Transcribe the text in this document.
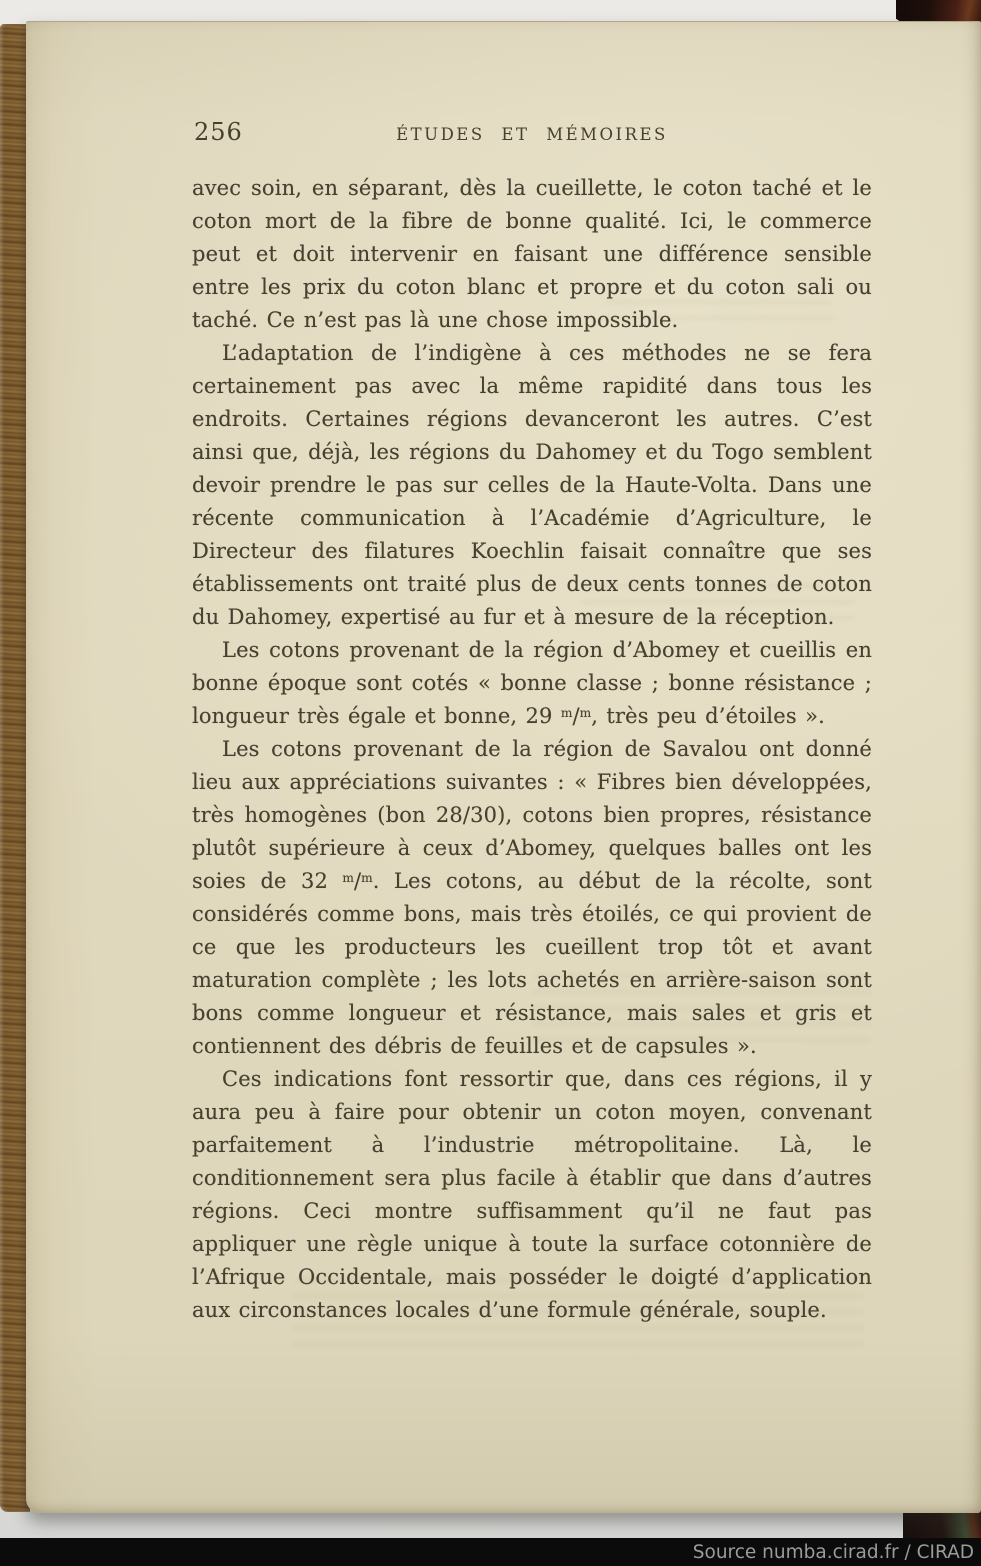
256	ÉTUDES ET MÉMOIRES

avec soin, en séparant, dès la cueillette, le coton taché et le coton mort de la fibre de bonne qualité. Ici, le commerce peut et doit intervenir en faisant une différence sensible entre les prix du coton blanc et propre et du coton sali ou taché. Ce n’est pas là une chose impossible.

L’adaptation de l’indigène à ces méthodes ne se fera certainement pas avec la même rapidité dans tous les endroits. Certaines régions devanceront les autres. C’est ainsi que, déjà, les régions du Dahomey et du Togo semblent devoir prendre le pas sur celles de la Haute-Volta. Dans une récente communication à l’Académie d’Agriculture, le Directeur des filatures Koechlin faisait connaître que ses établissements ont traité plus de deux cents tonnes de coton du Dahomey, expertisé au fur et à mesure de la réception.

Les cotons provenant de la région d’Abomey et cueillis en bonne époque sont cotés « bonne classe ; bonne résistance ; longueur très égale et bonne, 29 $^m$/$^m$, très peu d’étoiles ».

Les cotons provenant de la région de Savalou ont donné lieu aux appréciations suivantes : « Fibres bien développées, très homogènes (bon 28/30), cotons bien propres, résistance plutôt supérieure à ceux d’Abomey, quelques balles ont les soies de 32 $^m$/$^m$. Les cotons, au début de la récolte, sont considérés comme bons, mais très étoilés, ce qui provient de ce que les producteurs les cueillent trop tôt et avant maturation complète ; les lots achetés en arrière-saison sont bons comme longueur et résistance, mais sales et gris et contiennent des débris de feuilles et de capsules ».

Ces indications font ressortir que, dans ces régions, il y aura peu à faire pour obtenir un coton moyen, convenant parfaitement à l’industrie métropolitaine. Là, le conditionnement sera plus facile à établir que dans d’autres régions. Ceci montre suffisamment qu’il ne faut pas appliquer une règle unique à toute la surface cotonnière de l’Afrique Occidentale, mais posséder le doigté d’application aux circonstances locales d’une formule générale, souple.

Source numba.cirad.fr / CIRAD
